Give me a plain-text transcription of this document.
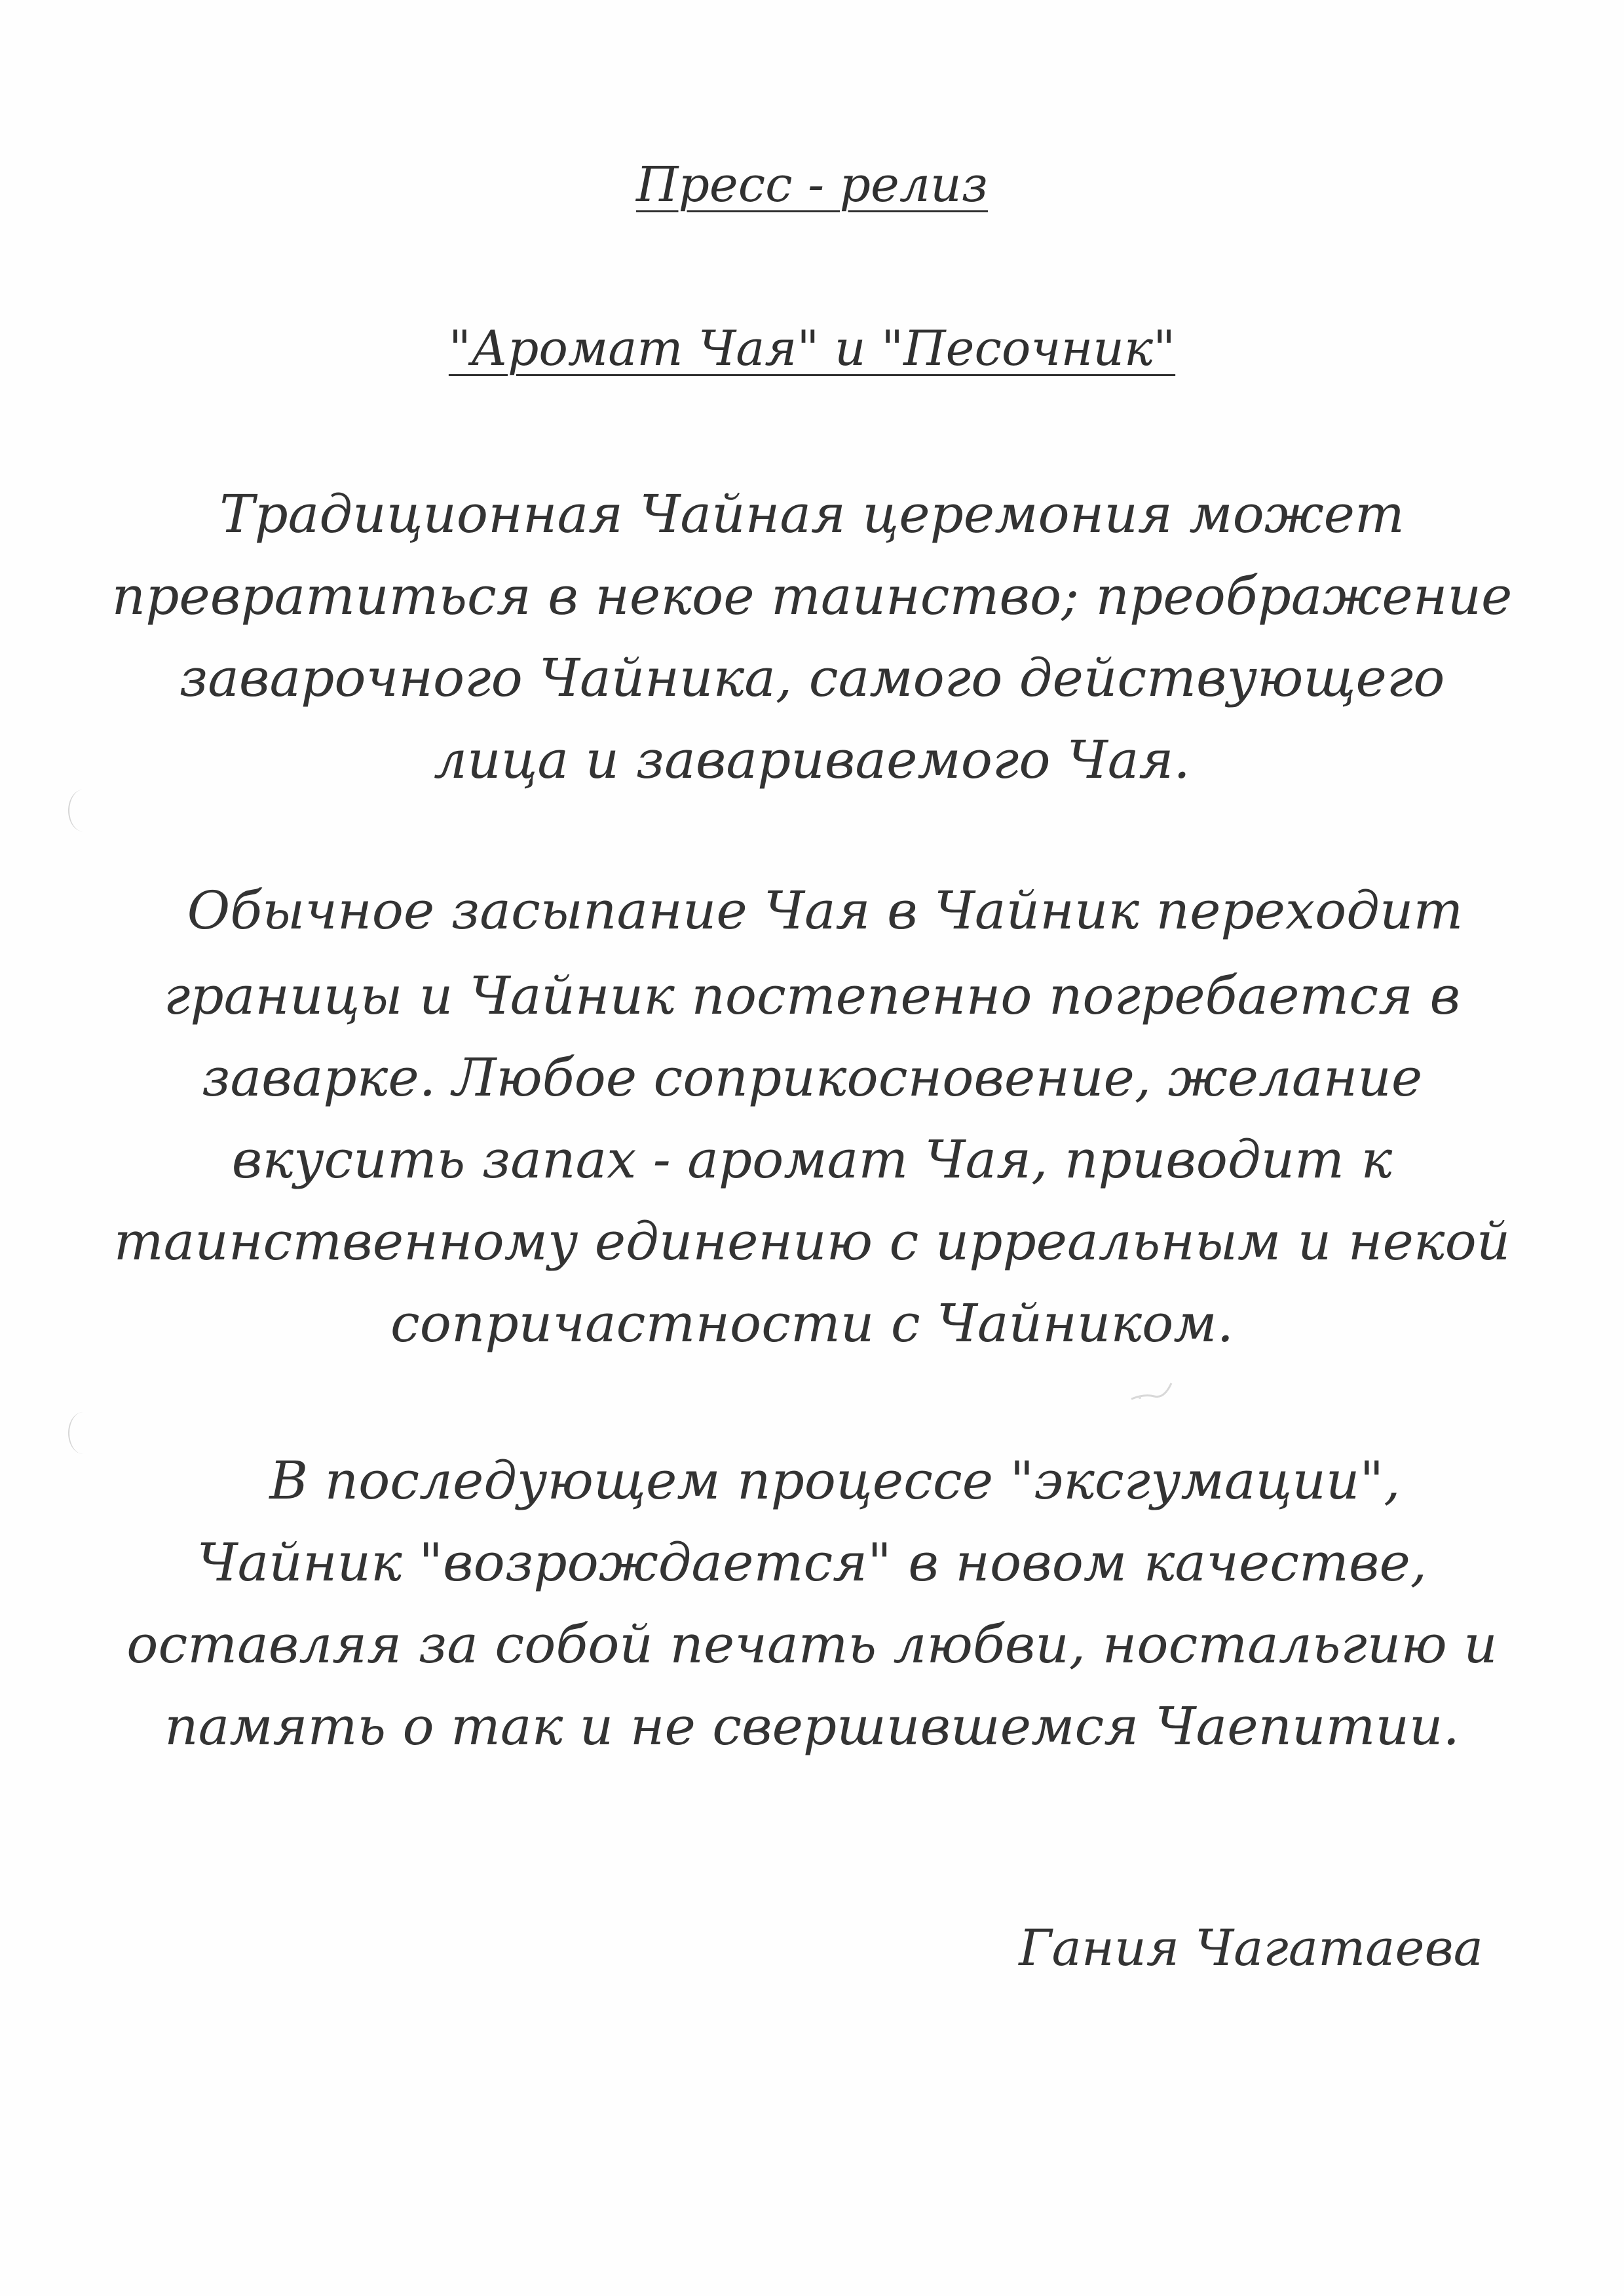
Пресс - релиз
"Аромат Чая" и "Песочник"
Традиционная Чайная церемония может
превратиться в некое таинство; преображение
заварочного Чайника, самого действующего
лица и завариваемого Чая.
Обычное засыпание Чая в Чайник переходит
границы и Чайник постепенно погребается в
заварке. Любое соприкосновение, желание
вкусить запах - аромат Чая, приводит к
таинственному единению с ирреальным и некой
сопричастности с Чайником.
В последующем процессе "эксгумации",
Чайник "возрождается" в новом качестве,
оставляя за собой печать любви, ностальгию и
память о так и не свершившемся Чаепитии.
Гания Чагатаева
